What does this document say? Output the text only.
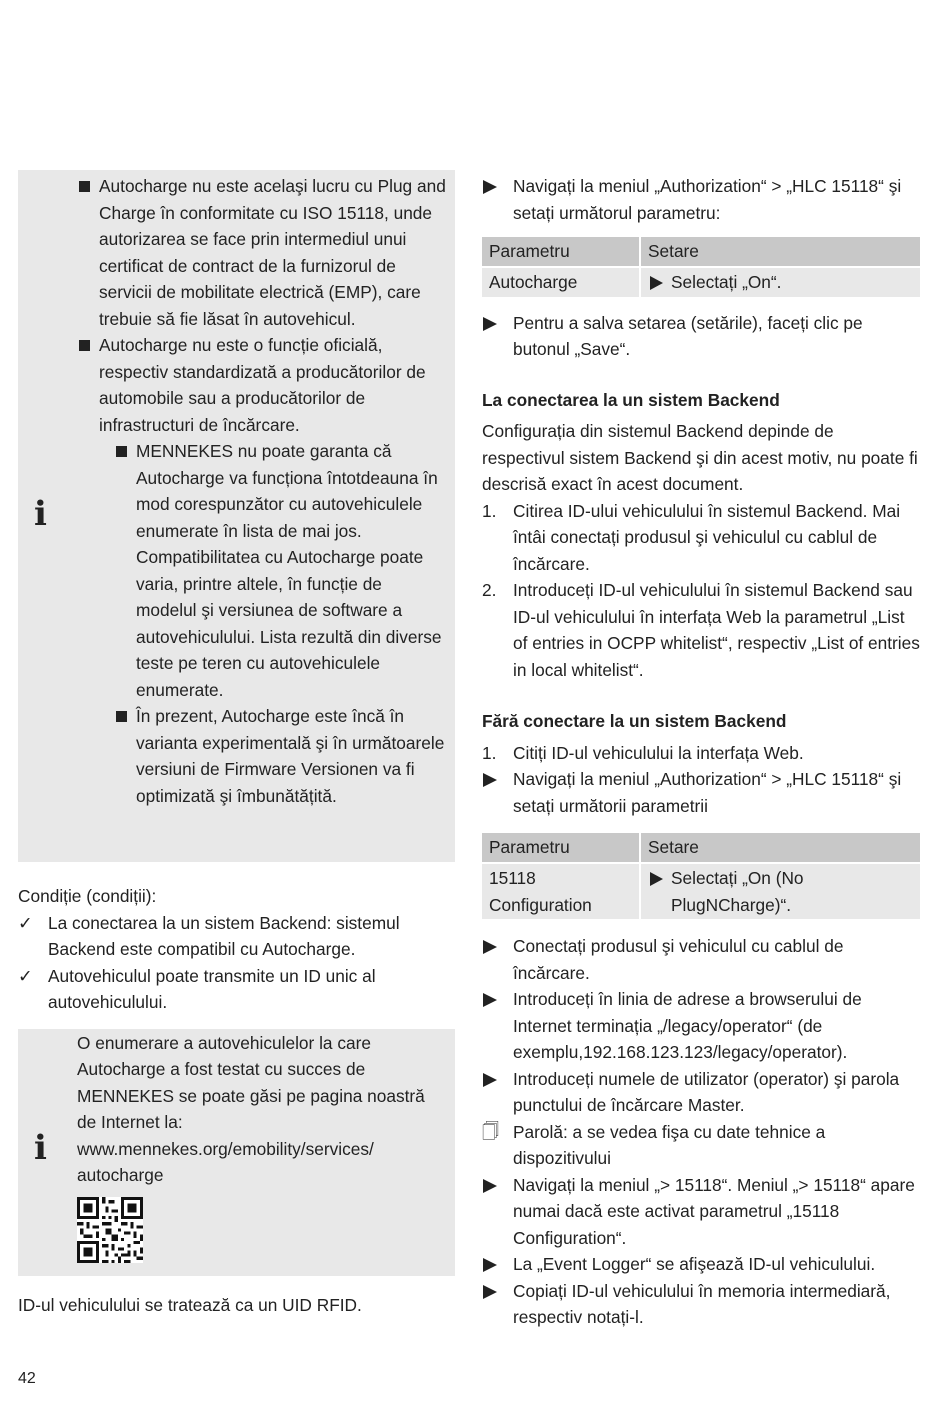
i
Autocharge nu este acelaşi lucru cu Plug and Charge în conformitate cu ISO 15118, unde autorizarea se face prin intermediul unui certificat de contract de la furnizorul de servicii de mobilitate electrică (EMP), care trebuie să fie lăsat în autovehicul.
Autocharge nu este o funcție oficială, respectiv standardizată a producătorilor de automobile sau a producătorilor de infrastructuri de încărcare.
MENNEKES nu poate garanta că Autocharge va funcționa întotdeauna în mod corespunzător cu autovehiculele enumerate în lista de mai jos. Compatibilitatea cu Autocharge poate varia, printre altele, în funcție de modelul şi versiunea de software a autovehiculului. Lista rezultă din diverse teste pe teren cu autovehiculele enumerate.
În prezent, Autocharge este încă în varianta experimentală şi în următoarele versiuni de Firmware Versionen va fi optimizată şi îmbunătățită.

Condiție (condiții):

✓ La conectarea la un sistem Backend: sistemul Backend este compatibil cu Autocharge.
✓ Autovehiculul poate transmite un ID unic al autovehiculului.
i
O enumerare a autovehiculelor la care Autocharge a fost testat cu succes de MENNEKES se poate găsi pe pagina noastră de Internet la:
www.mennekes.org/emobility/services/
autocharge

ID-ul vehiculului se tratează ca un UID RFID.

Navigați la meniul „Authorization“ > „HLC 15118“ şi setați următorul parametru:
Parametru	Setare
Autocharge	Selectați „On“.
Pentru a salva setarea (setările), faceți clic pe butonul „Save“.
La conectarea la un sistem Backend

Configurația din sistemul Backend depinde de respectivul sistem Backend şi din acest motiv, nu poate fi descrisă exact în acest document.

1. Citirea ID-ului vehiculului în sistemul Backend. Mai întâi conectați produsul şi vehiculul cu cablul de încărcare.
2. Introduceți ID-ul vehiculului în sistemul Backend sau ID-ul vehiculului în interfața Web la parametrul „List of entries in OCPP whitelist“, respectiv „List of entries in local whitelist“.
Fără conectare la un sistem Backend
1. Citiți ID-ul vehiculului la interfața Web.
Navigați la meniul „Authorization“ > „HLC 15118“ şi setați următorii parametrii
Parametru	Setare
15118 Configuration	Selectați „On (No PlugNCharge)“.
Conectați produsul şi vehiculul cu cablul de încărcare.
Introduceți în linia de adrese a browserului de Internet terminația „/legacy/operator“ (de exemplu,192.168.123.123/legacy/operator).
Introduceți numele de utilizator (operator) şi parola punctului de încărcare Master.
🗍 Parolă: a se vedea fişa cu date tehnice a dispozitivului
Navigați la meniul „> 15118“. Meniul „> 15118“ apare numai dacă este activat parametrul „15118 Configuration“.
La „Event Logger“ se afişează ID-ul vehiculului.
Copiați ID-ul vehiculului în memoria intermediară, respectiv notați-l.
42
